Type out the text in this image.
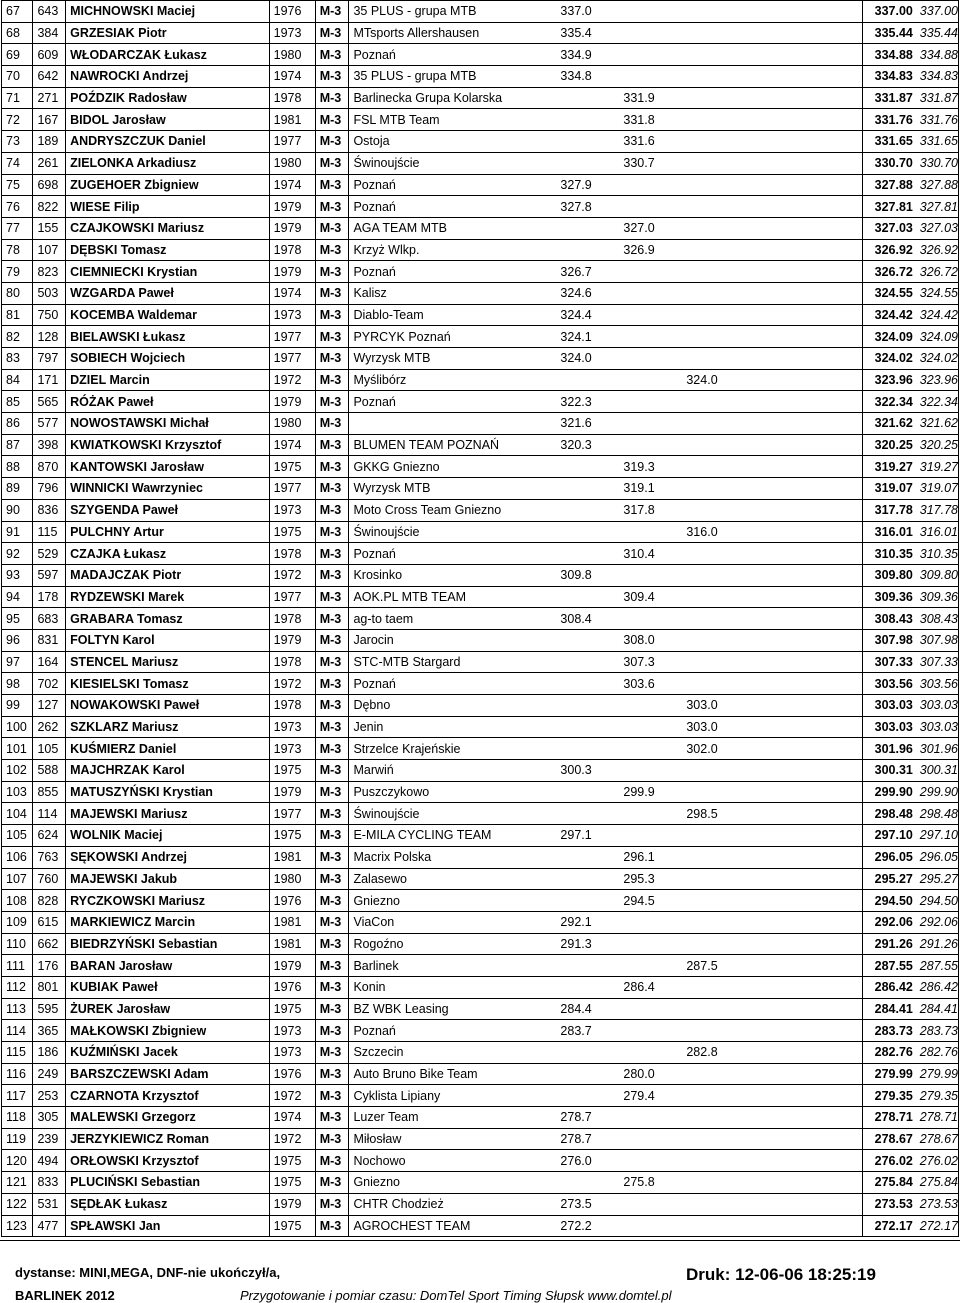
67	643	MICHNOWSKI Maciej	1976	M-3	35 PLUS - grupa MTB	337.0				337.00	337.00
68	384	GRZESIAK Piotr	1973	M-3	MTsports Allershausen	335.4				335.44	335.44
69	609	WŁODARCZAK Łukasz	1980	M-3	Poznań	334.9				334.88	334.88
70	642	NAWROCKI Andrzej	1974	M-3	35 PLUS - grupa MTB	334.8				334.83	334.83
71	271	POŹDZIK Radosław	1978	M-3	Barlinecka Grupa Kolarska		331.9			331.87	331.87
72	167	BIDOL Jarosław	1981	M-3	FSL MTB Team		331.8			331.76	331.76
73	189	ANDRYSZCZUK Daniel	1977	M-3	Ostoja		331.6			331.65	331.65
74	261	ZIELONKA Arkadiusz	1980	M-3	Świnoujście		330.7			330.70	330.70
75	698	ZUGEHOER Zbigniew	1974	M-3	Poznań	327.9				327.88	327.88
76	822	WIESE Filip	1979	M-3	Poznań	327.8				327.81	327.81
77	155	CZAJKOWSKI Mariusz	1979	M-3	AGA TEAM MTB		327.0			327.03	327.03
78	107	DĘBSKI Tomasz	1978	M-3	Krzyż Wlkp.		326.9			326.92	326.92
79	823	CIEMNIECKI Krystian	1979	M-3	Poznań	326.7				326.72	326.72
80	503	WZGARDA Paweł	1974	M-3	Kalisz	324.6				324.55	324.55
81	750	KOCEMBA Waldemar	1973	M-3	Diablo-Team	324.4				324.42	324.42
82	128	BIELAWSKI Łukasz	1977	M-3	PYRCYK Poznań	324.1				324.09	324.09
83	797	SOBIECH Wojciech	1977	M-3	Wyrzysk MTB	324.0				324.02	324.02
84	171	DZIEL Marcin	1972	M-3	Myślibórz			324.0		323.96	323.96
85	565	RÓŻAK Paweł	1979	M-3	Poznań	322.3				322.34	322.34
86	577	NOWOSTAWSKI Michał	1980	M-3		321.6				321.62	321.62
87	398	KWIATKOWSKI Krzysztof	1974	M-3	BLUMEN TEAM POZNAŃ	320.3				320.25	320.25
88	870	KANTOWSKI Jarosław	1975	M-3	GKKG Gniezno		319.3			319.27	319.27
89	796	WINNICKI Wawrzyniec	1977	M-3	Wyrzysk MTB		319.1			319.07	319.07
90	836	SZYGENDA Paweł	1973	M-3	Moto Cross Team Gniezno		317.8			317.78	317.78
91	115	PULCHNY Artur	1975	M-3	Świnoujście			316.0		316.01	316.01
92	529	CZAJKA Łukasz	1978	M-3	Poznań		310.4			310.35	310.35
93	597	MADAJCZAK Piotr	1972	M-3	Krosinko	309.8				309.80	309.80
94	178	RYDZEWSKI Marek	1977	M-3	AOK.PL MTB TEAM		309.4			309.36	309.36
95	683	GRABARA Tomasz	1978	M-3	ag-to taem	308.4				308.43	308.43
96	831	FOLTYN Karol	1979	M-3	Jarocin		308.0			307.98	307.98
97	164	STENCEL Mariusz	1978	M-3	STC-MTB Stargard		307.3			307.33	307.33
98	702	KIESIELSKI Tomasz	1972	M-3	Poznań		303.6			303.56	303.56
99	127	NOWAKOWSKI Paweł	1978	M-3	Dębno			303.0		303.03	303.03
100	262	SZKLARZ Mariusz	1973	M-3	Jenin			303.0		303.03	303.03
101	105	KUŚMIERZ Daniel	1973	M-3	Strzelce Krajeńskie			302.0		301.96	301.96
102	588	MAJCHRZAK Karol	1975	M-3	Marwiń	300.3				300.31	300.31
103	855	MATUSZYŃSKI Krystian	1979	M-3	Puszczykowo		299.9			299.90	299.90
104	114	MAJEWSKI Mariusz	1977	M-3	Świnoujście			298.5		298.48	298.48
105	624	WOLNIK Maciej	1975	M-3	E-MILA CYCLING TEAM	297.1				297.10	297.10
106	763	SĘKOWSKI Andrzej	1981	M-3	Macrix Polska		296.1			296.05	296.05
107	760	MAJEWSKI Jakub	1980	M-3	Zalasewo		295.3			295.27	295.27
108	828	RYCZKOWSKI Mariusz	1976	M-3	Gniezno		294.5			294.50	294.50
109	615	MARKIEWICZ Marcin	1981	M-3	ViaCon	292.1				292.06	292.06
110	662	BIEDRZYŃSKI Sebastian	1981	M-3	Rogoźno	291.3				291.26	291.26
111	176	BARAN Jarosław	1979	M-3	Barlinek			287.5		287.55	287.55
112	801	KUBIAK Paweł	1976	M-3	Konin		286.4			286.42	286.42
113	595	ŻUREK Jarosław	1975	M-3	BZ WBK Leasing	284.4				284.41	284.41
114	365	MAŁKOWSKI Zbigniew	1973	M-3	Poznań	283.7				283.73	283.73
115	186	KUŹMIŃSKI Jacek	1973	M-3	Szczecin			282.8		282.76	282.76
116	249	BARSZCZEWSKI Adam	1976	M-3	Auto Bruno Bike Team		280.0			279.99	279.99
117	253	CZARNOTA Krzysztof	1972	M-3	Cyklista Lipiany		279.4			279.35	279.35
118	305	MALEWSKI Grzegorz	1974	M-3	Luzer Team	278.7				278.71	278.71
119	239	JERZYKIEWICZ Roman	1972	M-3	Miłosław	278.7				278.67	278.67
120	494	ORŁOWSKI Krzysztof	1975	M-3	Nochowo	276.0				276.02	276.02
121	833	PLUCIŃSKI Sebastian	1975	M-3	Gniezno		275.8			275.84	275.84
122	531	SĘDŁAK Łukasz	1979	M-3	CHTR Chodzież	273.5				273.53	273.53
123	477	SPŁAWSKI Jan	1975	M-3	AGROCHEST TEAM	272.2				272.17	272.17
dystanse: MINI,MEGA, DNF-nie ukończył/a,
BARLINEK 2012	Przygotowanie i pomiar czasu: DomTel Sport Timing Słupsk www.domtel.pl
Druk: 12-06-06 18:25:19
